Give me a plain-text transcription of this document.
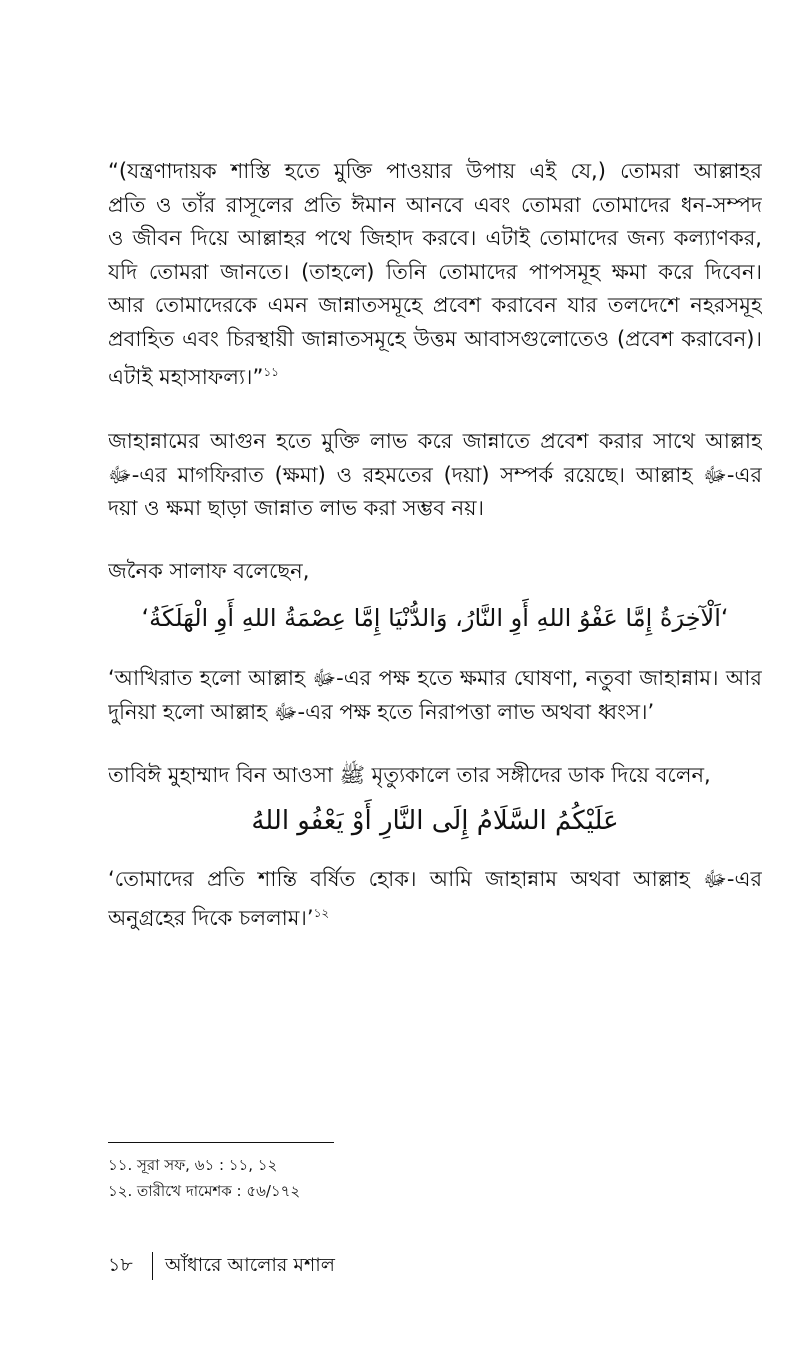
“(যন্ত্রণাদায়ক শাস্তি হতে মুক্তি পাওয়ার উপায় এই যে,) তোমরা আল্লাহর
প্রতি ও তাঁর রাসূলের প্রতি ঈমান আনবে এবং তোমরা তোমাদের ধন-সম্পদ
ও জীবন দিয়ে আল্লাহর পথে জিহাদ করবে। এটাই তোমাদের জন্য কল্যাণকর,
যদি তোমরা জানতে। (তাহলে) তিনি তোমাদের পাপসমূহ ক্ষমা করে দিবেন।
আর তোমাদেরকে এমন জান্নাতসমূহে প্রবেশ করাবেন যার তলদেশে নহরসমূহ
প্রবাহিত এবং চিরস্থায়ী জান্নাতসমূহে উত্তম আবাসগুলোতেও (প্রবেশ করাবেন)।
এটাই মহাসাফল্য।”$^{১১}$
জাহান্নামের আগুন হতে মুক্তি লাভ করে জান্নাতে প্রবেশ করার সাথে আল্লাহ
ﷻ-এর মাগফিরাত (ক্ষমা) ও রহমতের (দয়া) সম্পর্ক রয়েছে। আল্লাহ ﷻ-এর
দয়া ও ক্ষমা ছাড়া জান্নাত লাভ করা সম্ভব নয়।
জনৈক সালাফ বলেছেন,
‘اَلْآخِرَةُ إِمَّا عَفْوُ اللهِ أَوِ النَّارُ، وَالدُّنْيَا إِمَّا عِصْمَةُ اللهِ أَوِ الْهَلَكَةُ‘
‘আখিরাত হলো আল্লাহ ﷻ-এর পক্ষ হতে ক্ষমার ঘোষণা, নতুবা জাহান্নাম। আর
দুনিয়া হলো আল্লাহ ﷻ-এর পক্ষ হতে নিরাপত্তা লাভ অথবা ধ্বংস।’
তাবিঈ মুহাম্মাদ বিন আওসা ﷺ মৃত্যুকালে তার সঙ্গীদের ডাক দিয়ে বলেন,
عَلَيْكُمُ السَّلَامُ إِلَى النَّارِ أَوْ يَعْفُو اللهُ
‘তোমাদের প্রতি শান্তি বর্ষিত হোক। আমি জাহান্নাম অথবা আল্লাহ ﷻ-এর
অনুগ্রহের দিকে চললাম।’$^{১২}$
১১. সূরা সফ, ৬১ : ১১, ১২
১২. তারীখে দামেশক : ৫৬/১৭২
১৮ আঁধারে আলোর মশাল
